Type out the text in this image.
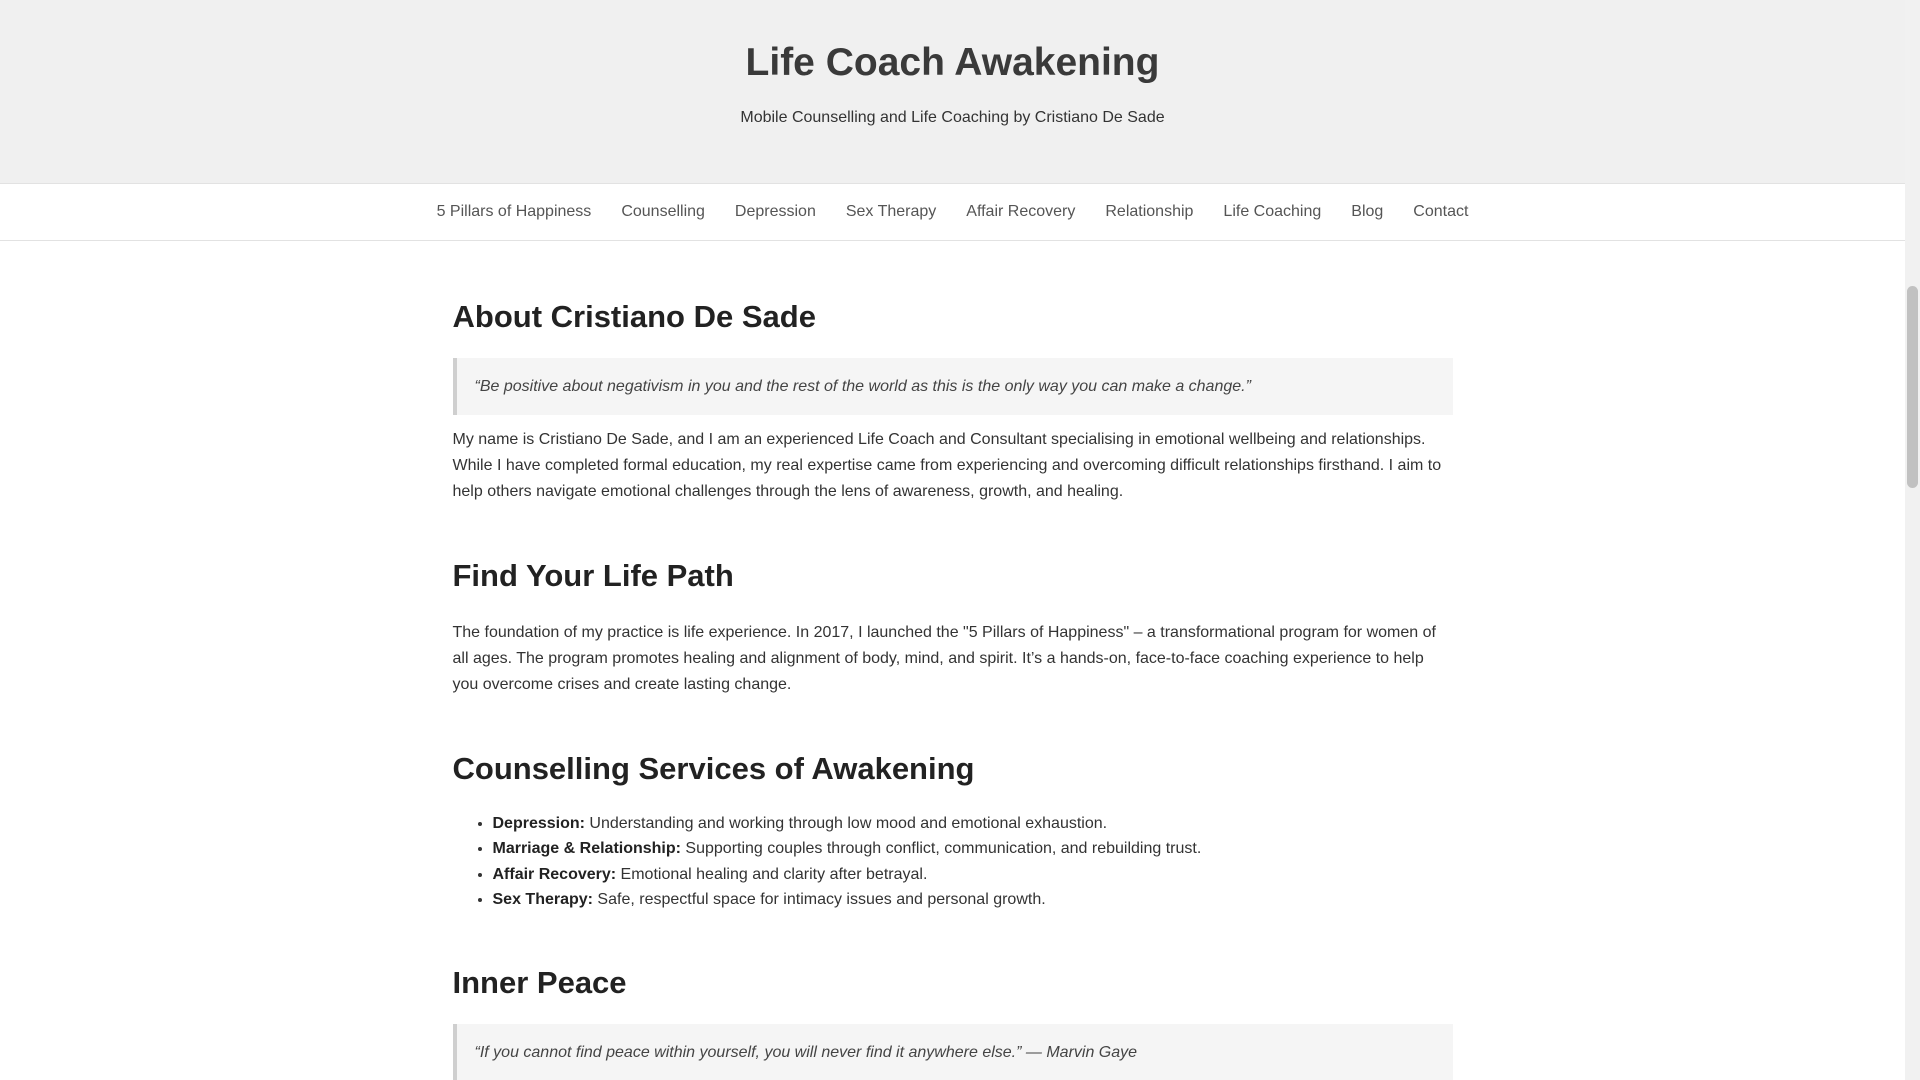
Life Coach Awakening

Mobile Counselling and Life Coaching by Cristiano De Sade

5 Pillars of Happiness	Counselling	Depression	Sex Therapy	Affair Recovery	Relationship	Life Coaching	Blog	Contact
About Cristiano De Sade
“Be positive about negativism in you and the rest of the world as this is the only way you can make a change.”

My name is Cristiano De Sade, and I am an experienced Life Coach and Consultant specialising in emotional wellbeing and relationships. While I have completed formal education, my real expertise came from experiencing and overcoming difficult relationships firsthand. I aim to help others navigate emotional challenges through the lens of awareness, growth, and healing.

Find Your Life Path

The foundation of my practice is life experience. In 2017, I launched the "5 Pillars of Happiness" – a transformational program for women of all ages. The program promotes healing and alignment of body, mind, and spirit. It’s a hands-on, face-to-face coaching experience to help you overcome crises and create lasting change.

Counselling Services of Awakening
• Depression: Understanding and working through low mood and emotional exhaustion.
• Marriage & Relationship: Supporting couples through conflict, communication, and rebuilding trust.
• Affair Recovery: Emotional healing and clarity after betrayal.
• Sex Therapy: Safe, respectful space for intimacy issues and personal growth.
Inner Peace
“If you cannot find peace within yourself, you will never find it anywhere else.” — Marvin Gaye
